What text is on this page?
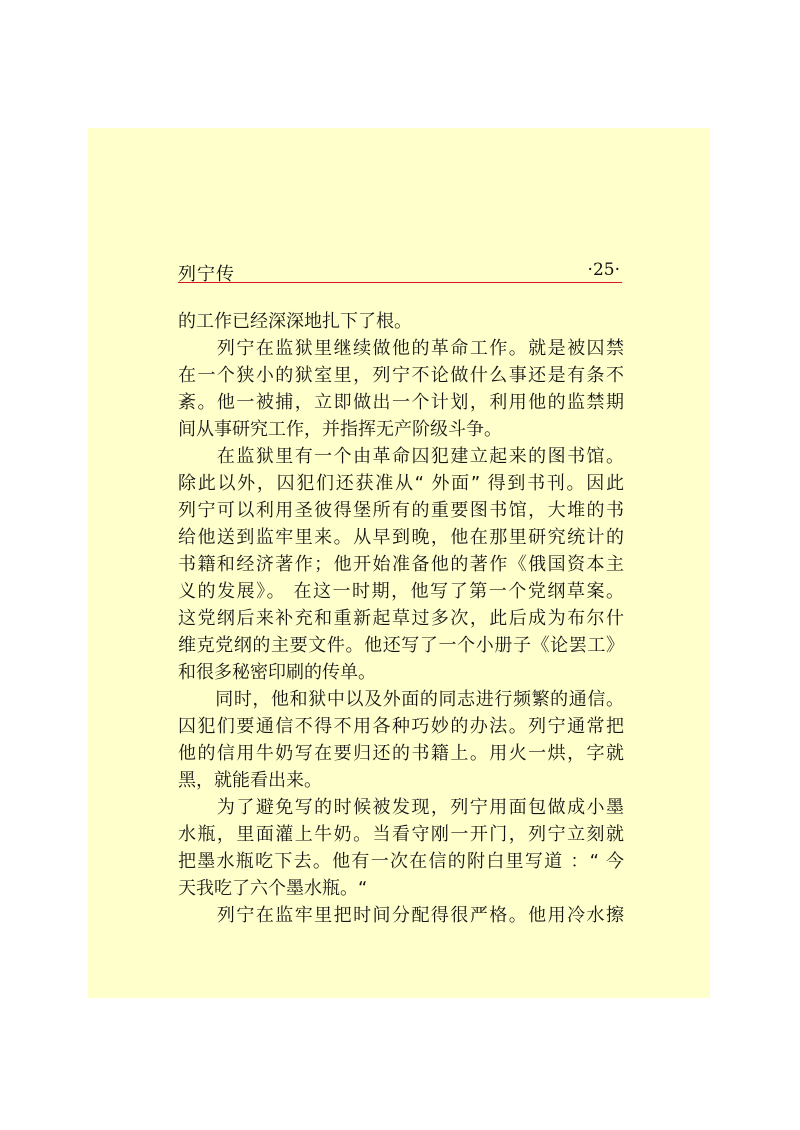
列宁传	·25·
的工作已经深深地扎下了根。
　　列宁在监狱里继续做他的革命工作。就是被囚禁
在一个狭小的狱室里，列宁不论做什么事还是有条不
紊。他一被捕，立即做出一个计划，利用他的监禁期
间从事研究工作，并指挥无产阶级斗争。
　　在监狱里有一个由革命囚犯建立起来的图书馆。
除此以外，囚犯们还获准从“ 外面” 得到书刊。因此
列宁可以利用圣彼得堡所有的重要图书馆，大堆的书
给他送到监牢里来。从早到晚，他在那里研究统计的
书籍和经济著作；他开始准备他的著作《俄国资本主
义的发展》。 在这一时期，他写了第一个党纲草案。
这党纲后来补充和重新起草过多次，此后成为布尔什
维克党纲的主要文件。他还写了一个小册子《论罢工》
和很多秘密印刷的传单。
　　同时，他和狱中以及外面的同志进行频繁的通信。
囚犯们要通信不得不用各种巧妙的办法。列宁通常把
他的信用牛奶写在要归还的书籍上。用火一烘，字就
黑，就能看出来。
　　为了避免写的时候被发现，列宁用面包做成小墨
水瓶，里面灌上牛奶。当看守刚一开门，列宁立刻就
把墨水瓶吃下去。他有一次在信的附白里写道 ：“ 今
天我吃了六个墨水瓶。“
　　列宁在监牢里把时间分配得很严格。他用冷水擦
